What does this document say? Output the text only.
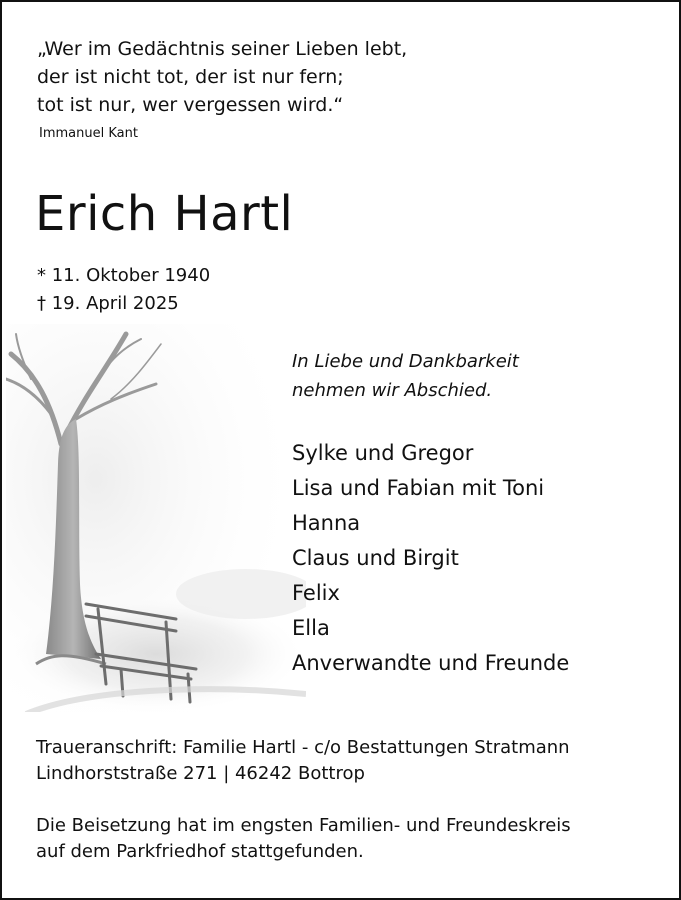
„Wer im Gedächtnis seiner Lieben lebt,
der ist nicht tot, der ist nur fern;
tot ist nur, wer vergessen wird.“
Immanuel Kant
Erich Hartl
* 11. Oktober 1940
† 19. April 2025
In Liebe und Dankbarkeit
nehmen wir Abschied.
Sylke und Gregor
Lisa und Fabian mit Toni
Hanna
Claus und Birgit
Felix
Ella
Anverwandte und Freunde
Traueranschrift: Familie Hartl - c/o Bestattungen Stratmann
Lindhorststraße 271 | 46242 Bottrop
Die Beisetzung hat im engsten Familien- und Freundeskreis
auf dem Parkfriedhof stattgefunden.
